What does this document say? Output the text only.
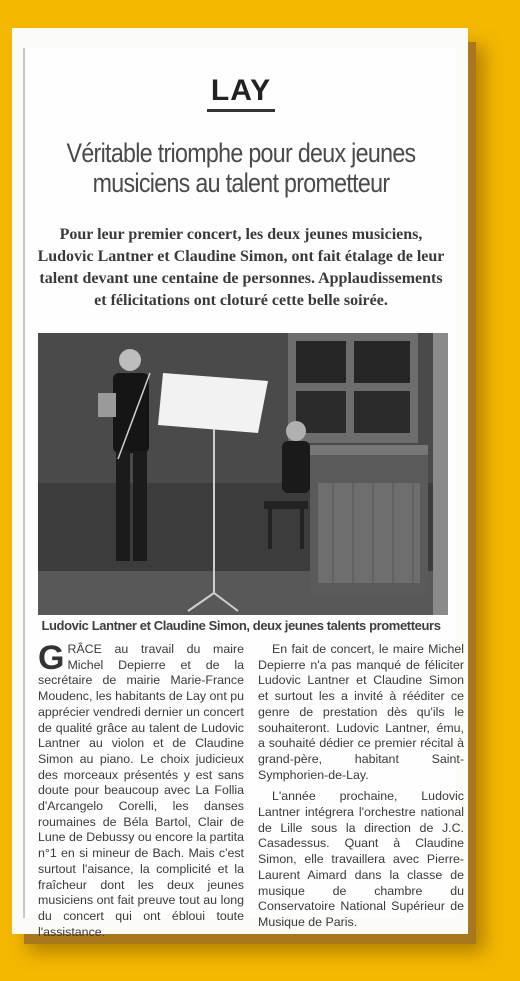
LAY
Véritable triomphe pour deux jeunes musiciens au talent prometteur
Pour leur premier concert, les deux jeunes musiciens, Ludovic Lantner et Claudine Simon, ont fait étalage de leur talent devant une centaine de personnes. Applaudissements et félicitations ont cloturé cette belle soirée.
Ludovic Lantner et Claudine Simon, deux jeunes talents prometteurs

GRÂCE au travail du maire Michel Depierre et de la secrétaire de mairie Marie-France Moudenc, les habitants de Lay ont pu apprécier vendredi dernier un concert de qualité grâce au talent de Ludovic Lantner au violon et de Claudine Simon au piano. Le choix judicieux des morceaux présentés y est sans doute pour beaucoup avec La Follia d'Arcangelo Corelli, les danses roumaines de Béla Bartol, Clair de Lune de Debussy ou encore la partita n°1 en si mineur de Bach. Mais c'est surtout l'aisance, la complicité et la fraîcheur dont les deux jeunes musiciens ont fait preuve tout au long du concert qui ont ébloui toute l'assistance.

En fait de concert, le maire Michel Depierre n'a pas manqué de féliciter Ludovic Lantner et Claudine Simon et surtout les a invité à rééditer ce genre de prestation dès qu'ils le souhaiteront. Ludovic Lantner, ému, a souhaité dédier ce premier récital à grand-père, habitant Saint-Symphorien-de-Lay.

L'année prochaine, Ludovic Lantner intégrera l'orchestre national de Lille sous la direction de J.C. Casadessus. Quant à Claudine Simon, elle travaillera avec Pierre-Laurent Aimard dans la classe de musique de chambre du Conservatoire National Supérieur de Musique de Paris.
